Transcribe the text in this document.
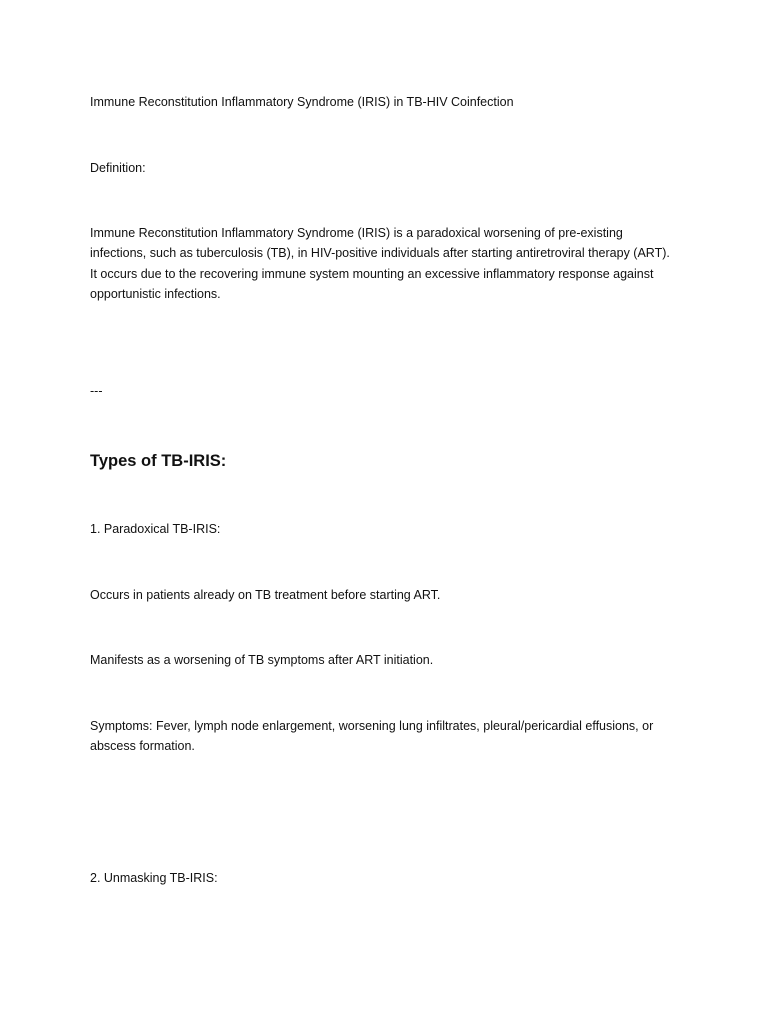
Immune Reconstitution Inflammatory Syndrome (IRIS) in TB-HIV Coinfection

Definition:

Immune Reconstitution Inflammatory Syndrome (IRIS) is a paradoxical worsening of pre-existing infections, such as tuberculosis (TB), in HIV-positive individuals after starting antiretroviral therapy (ART). It occurs due to the recovering immune system mounting an excessive inflammatory response against opportunistic infections.

---

Types of TB-IRIS:

1. Paradoxical TB-IRIS:

Occurs in patients already on TB treatment before starting ART.

Manifests as a worsening of TB symptoms after ART initiation.

Symptoms: Fever, lymph node enlargement, worsening lung infiltrates, pleural/pericardial effusions, or abscess formation.

2. Unmasking TB-IRIS:
